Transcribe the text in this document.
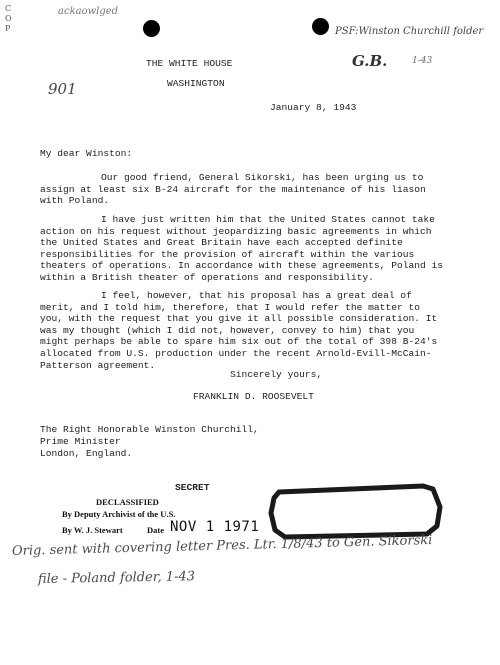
C
O
P
ackaowlged
PSF:Winston Churchill folder
G.B.	1-43
901
THE WHITE HOUSE
WASHINGTON
January 8, 1943
My dear Winston:
Our good friend, General Sikorski, has been urging us to assign at least six B-24 aircraft for the maintenance of his liason with Poland.
I have just written him that the United States cannot take action on his request without jeopardizing basic agreements in which the United States and Great Britain have each accepted definite responsibilities for the provision of aircraft within the various theaters of operations. In accordance with these agreements, Poland is within a British theater of operations and responsibility.
I feel, however, that his proposal has a great deal of merit, and I told him, therefore, that I would refer the matter to you, with the request that you give it all possible consideration. It was my thought (which I did not, however, convey to him) that you might perhaps be able to spare him six out of the total of 398 B-24's allocated from U.S. production under the recent Arnold-Evill-McCain-Patterson agreement.
Sincerely yours,
FRANKLIN D. ROOSEVELT
The Right Honorable Winston Churchill,
Prime Minister
London, England.
SECRET
DECLASSIFIED
By Deputy Archivist of the U.S.
By W. J. Stewart	Date NOV 1 1971
Orig. sent with covering letter Pres. Ltr. 1/8/43 to Gen. Sikorski
file - Poland folder, 1-43
